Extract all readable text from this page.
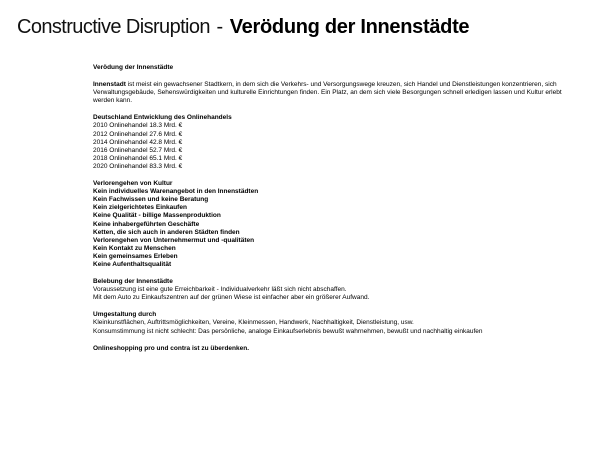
Constructive Disruption - Verödung der Innenstädte

Verödung der Innenstädte

Innenstadt ist meist ein gewachsener Stadtkern, in dem sich die Verkehrs- und Versorgungswege kreuzen, sich Handel und Dienstleistungen konzentrieren, sich Verwaltungsgebäude, Sehenswürdigkeiten und kulturelle Einrichtungen finden. Ein Platz, an dem sich viele Besorgungen schnell erledigen lassen und Kultur erlebt werden kann.

Deutschland Entwicklung des Onlinehandels

2010 Onlinehandel 18.3 Mrd. €

2012 Onlinehandel 27.6 Mrd. €

2014 Onlinehandel 42.8 Mrd. €

2016 Onlinehandel 52.7 Mrd. €

2018 Onlinehandel 65.1 Mrd. €

2020 Onlinehandel 83.3 Mrd. €

Verlorengehen von Kultur

Kein individuelles Warenangebot in den Innenstädten

Kein Fachwissen und keine Beratung

Kein zielgerichtetes Einkaufen

Keine Qualität - billige Massenproduktion

Keine inhabergeführten Geschäfte

Ketten, die sich auch in anderen Städten finden

Verlorengehen von Unternehmermut und -qualitäten

Kein Kontakt zu Menschen

Kein gemeinsames Erleben

Keine Aufenthaltsqualität

Belebung der Innenstädte

Voraussetzung ist eine gute Erreichbarkeit - Individualverkehr läßt sich nicht abschaffen.

Mit dem Auto zu Einkaufszentren auf der grünen Wiese ist einfacher aber ein größerer Aufwand.

Umgestaltung durch

Kleinkunstflächen, Auftrittsmöglichkeiten, Vereine, Kleinmessen, Handwerk, Nachhaltigkeit, Dienstleistung, usw.

Konsumstimmung ist nicht schlecht: Das persönliche, analoge Einkaufserlebnis bewußt wahrnehmen, bewußt und nachhaltig einkaufen

Onlineshopping pro und contra ist zu überdenken.
